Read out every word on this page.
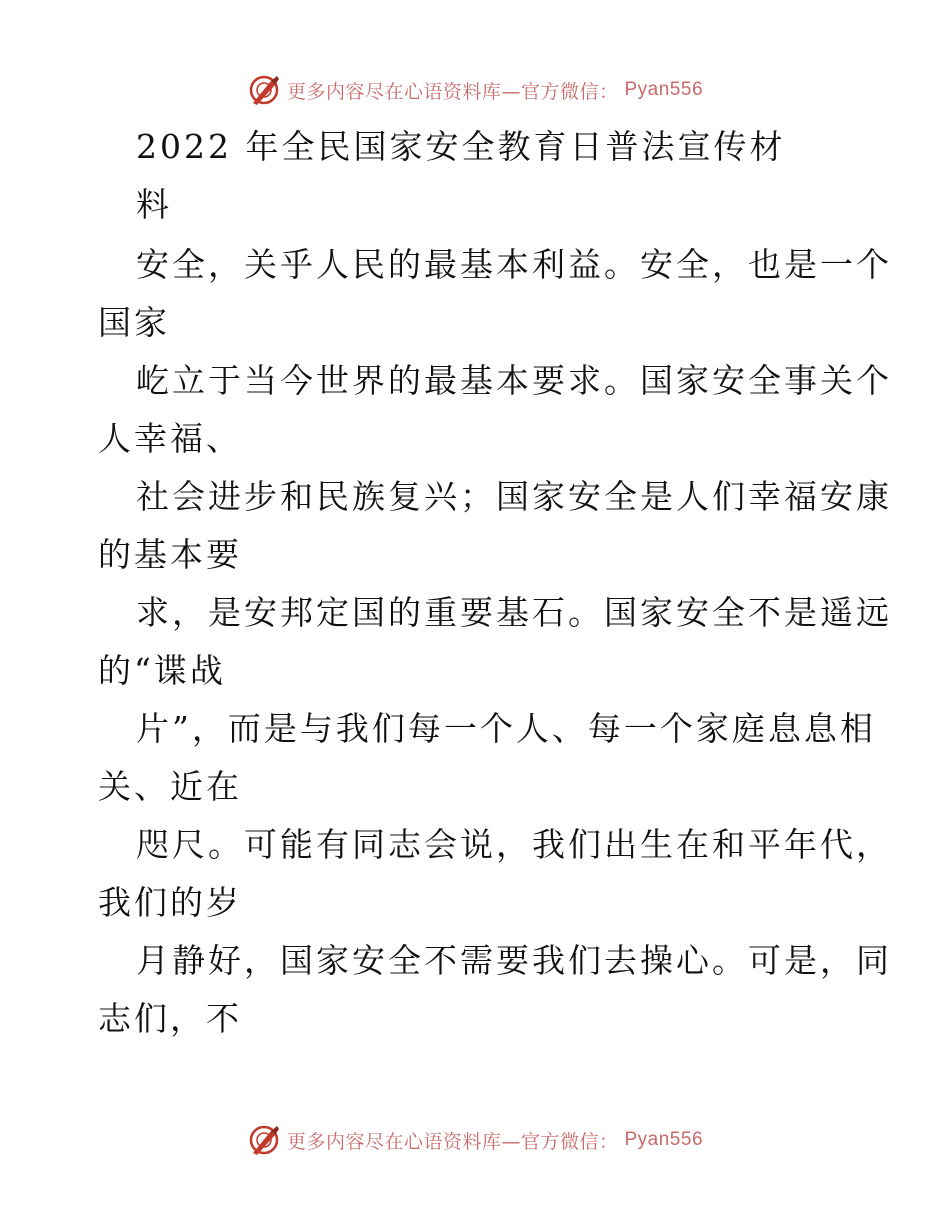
更多内容尽在心语资料库—官方微信： Pyan556
2022 年全民国家安全教育日普法宣传材
料
安全，关乎人民的最基本利益。安全，也是一个
国家
屹立于当今世界的最基本要求。国家安全事关个
人幸福、
社会进步和民族复兴；国家安全是人们幸福安康
的基本要
求，是安邦定国的重要基石。国家安全不是遥远
的“谍战
片”，而是与我们每一个人、每一个家庭息息相
关、近在
咫尺。可能有同志会说，我们出生在和平年代，
我们的岁
月静好，国家安全不需要我们去操心。可是，同
志们，不
更多内容尽在心语资料库—官方微信： Pyan556
